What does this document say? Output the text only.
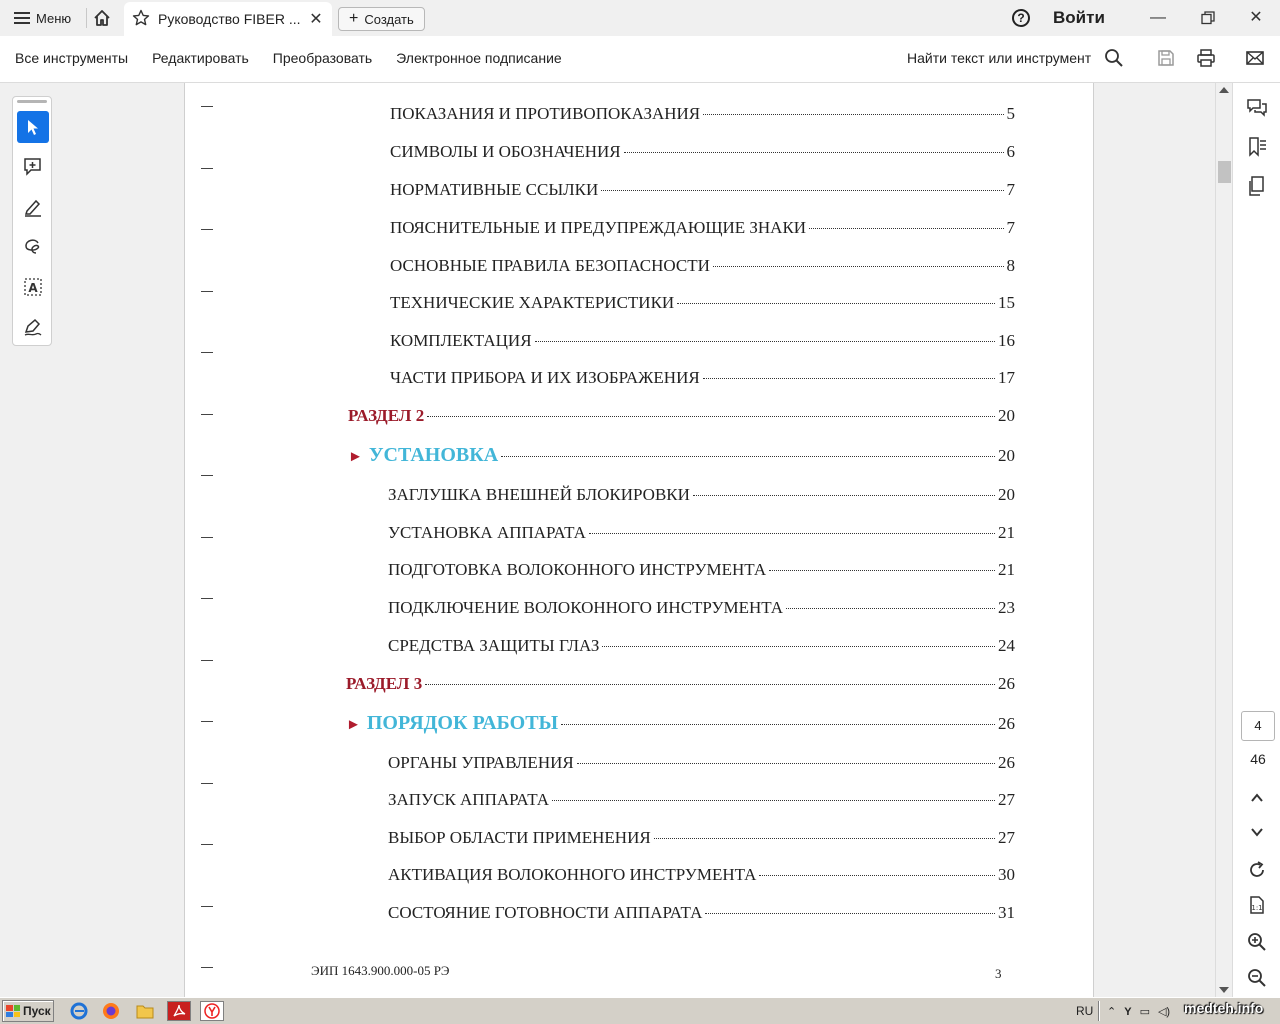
Меню	Руководство FIBER ... ✕ + Создать	?	Войти	—	✕
Все инструменты Редактировать Преобразовать Электронное подписание	Найти текст или инструмент
A
ЭИП 1643.900.000-05 РЭ	3
ПОКАЗАНИЯ И ПРОТИВОПОКАЗАНИЯ	5
СИМВОЛЫ И ОБОЗНАЧЕНИЯ	6
НОРМАТИВНЫЕ ССЫЛКИ	7
ПОЯСНИТЕЛЬНЫЕ И ПРЕДУПРЕЖДАЮЩИЕ ЗНАКИ	7
ОСНОВНЫЕ ПРАВИЛА БЕЗОПАСНОСТИ	8
ТЕХНИЧЕСКИЕ ХАРАКТЕРИСТИКИ	15
КОМПЛЕКТАЦИЯ	16
ЧАСТИ ПРИБОРА И ИХ ИЗОБРАЖЕНИЯ	17
РАЗДЕЛ 2	20
► УСТАНОВКА	20
ЗАГЛУШКА ВНЕШНЕЙ БЛОКИРОВКИ	20
УСТАНОВКА АППАРАТА	21
ПОДГОТОВКА ВОЛОКОННОГО ИНСТРУМЕНТА	21
ПОДКЛЮЧЕНИЕ ВОЛОКОННОГО ИНСТРУМЕНТА	23
СРЕДСТВА ЗАЩИТЫ ГЛАЗ	24
РАЗДЕЛ 3	26
► ПОРЯДОК РАБОТЫ	26
ОРГАНЫ УПРАВЛЕНИЯ	26
ЗАПУСК АППАРАТА	27
ВЫБОР ОБЛАСТИ ПРИМЕНЕНИЯ	27
АКТИВАЦИЯ ВОЛОКОННОГО ИНСТРУМЕНТА	30
СОСТОЯНИЕ ГОТОВНОСТИ АППАРАТА	31
4
46
1:1
Пуск	RU ⌃ Y ▭ ◁) medteh.info
